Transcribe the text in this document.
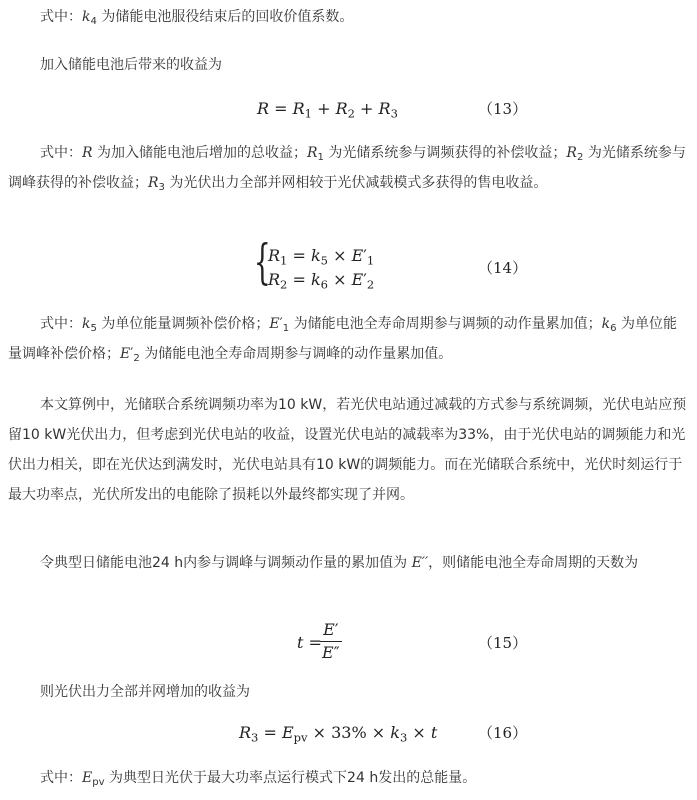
式中：$k_4$ 为储能电池服役结束后的回收价值系数。

加入储能电池后带来的收益为

$R = R_1 + R_2 + R_3$	（13）

式中：R 为加入储能电池后增加的总收益；$R_1$ 为光储系统参与调频获得的补偿收益；$R_2$ 为光储系统参与调峰获得的补偿收益；$R_3$ 为光伏出力全部并网相较于光伏减载模式多获得的售电收益。

{
$R_1 = k_5 \times E'_1$
$R_2 = k_6 \times E'_2$
（14）

式中：$k_5$ 为单位能量调频补偿价格；$E'_1$ 为储能电池全寿命周期参与调频的动作量累加值；$k_6$ 为单位能量调峰补偿价格；$E'_2$ 为储能电池全寿命周期参与调峰的动作量累加值。

本文算例中，光储联合系统调频功率为10 kW，若光伏电站通过减载的方式参与系统调频，光伏电站应预留10 kW光伏出力，但考虑到光伏电站的收益，设置光伏电站的减载率为33%，由于光伏电站的调频能力和光伏出力相关，即在光伏达到满发时，光伏电站具有10 kW的调频能力。而在光储联合系统中，光伏时刻运行于最大功率点，光伏所发出的电能除了损耗以外最终都实现了并网。

令典型日储能电池24 h内参与调峰与调频动作量的累加值为 E′′，则储能电池全寿命周期的天数为

t =
E′
E″	（15）

则光伏出力全部并网增加的收益为

$R_3 = E_{pv} \times 33\% \times k_3 \times t$	（16）

式中：$E_{pv}$ 为典型日光伏于最大功率点运行模式下24 h发出的总能量。
